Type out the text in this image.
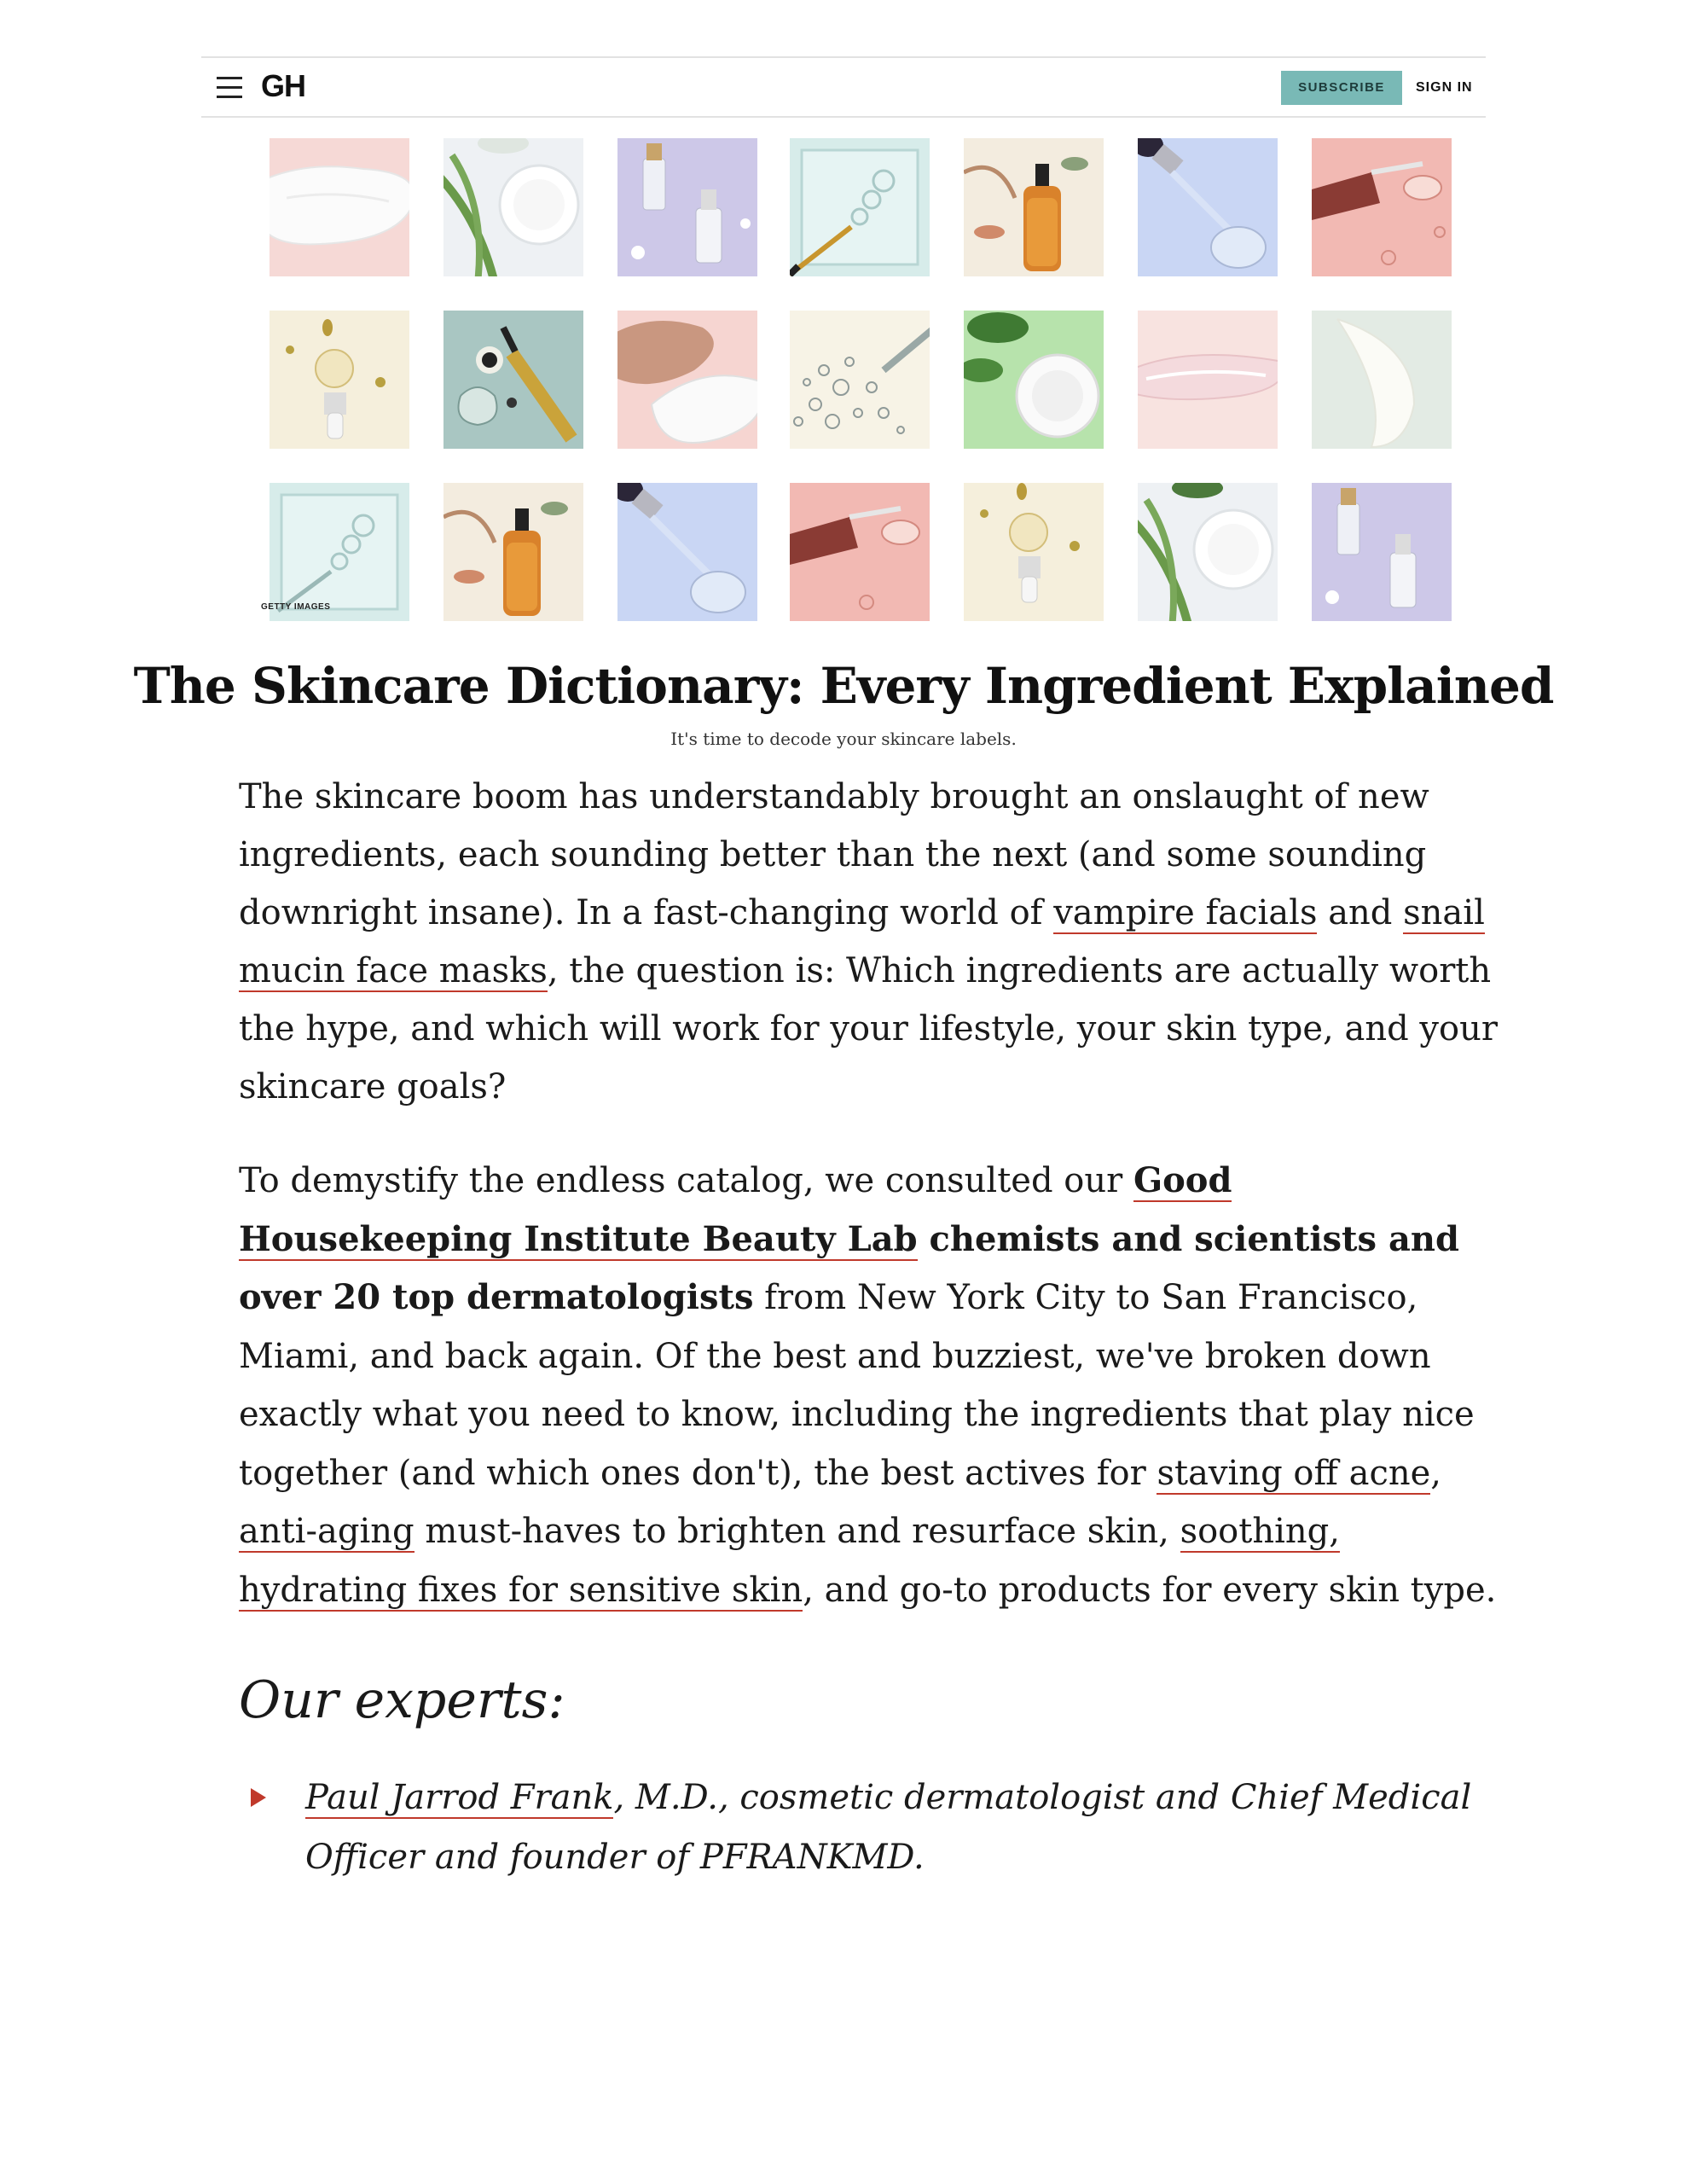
GH	SUBSCRIBE	SIGN IN
GETTY IMAGES
The Skincare Dictionary: Every Ingredient Explained
It's time to decode your skincare labels.

The skincare boom has understandably brought an onslaught of new ingredients, each sounding better than the next (and some sounding downright insane). In a fast-changing world of vampire facials and snail mucin face masks, the question is: Which ingredients are actually worth the hype, and which will work for your lifestyle, your skin type, and your skincare goals?

To demystify the endless catalog, we consulted our Good Housekeeping Institute Beauty Lab chemists and scientists and over 20 top dermatologists from New York City to San Francisco, Miami, and back again. Of the best and buzziest, we've broken down exactly what you need to know, including the ingredients that play nice together (and which ones don't), the best actives for staving off acne, anti-aging must-haves to brighten and resurface skin, soothing, hydrating fixes for sensitive skin, and go-to products for every skin type.

Our experts:
Paul Jarrod Frank, M.D., cosmetic dermatologist and Chief Medical Officer and founder of PFRANKMD.
